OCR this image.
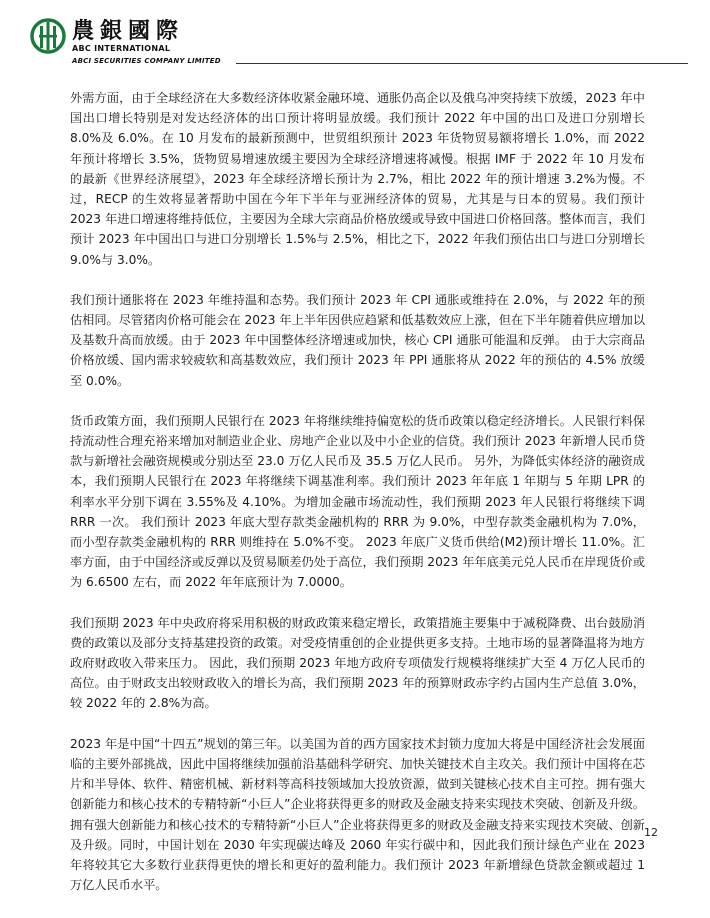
農銀國際
ABC INTERNATIONAL
ABCI SECURITIES COMPANY LIMITED

外需方面，由于全球经济在大多数经济体收紧金融环境、通胀仍高企以及俄乌冲突持续下放缓，2023 年中国出口增长特别是对发达经济体的出口预计将明显放缓。我们预计 2022 年中国的出口及进口分别增长 8.0%及 6.0%。在 10 月发布的最新预测中，世贸组织预计 2023 年货物贸易额将增长 1.0%，而 2022 年预计将增长 3.5%，货物贸易增速放缓主要因为全球经济增速将减慢。根据 IMF 于 2022 年 10 月发布的最新《世界经济展望》，2023 年全球经济增长预计为 2.7%，相比 2022 年的预计增速 3.2%为慢。不过，RECP 的生效将显著帮助中国在今年下半年与亚洲经济体的贸易，尤其是与日本的贸易。我们预计 2023 年进口增速将维持低位，主要因为全球大宗商品价格放缓或导致中国进口价格回落。整体而言，我们预计 2023 年中国出口与进口分别增长 1.5%与 2.5%，相比之下，2022 年我们预估出口与进口分别增长 9.0%与 3.0%。

我们预计通胀将在 2023 年维持温和态势。我们预计 2023 年 CPI 通胀或维持在 2.0%，与 2022 年的预估相同。尽管猪肉价格可能会在 2023 年上半年因供应趋紧和低基数效应上涨，但在下半年随着供应增加以及基数升高而放缓。由于 2023 年中国整体经济增速或加快，核心 CPI 通胀可能温和反弹。 由于大宗商品价格放缓、国内需求较疲软和高基数效应，我们预计 2023 年 PPI 通胀将从 2022 年的预估的 4.5% 放缓至 0.0%。

货币政策方面，我们预期人民银行在 2023 年将继续维持偏宽松的货币政策以稳定经济增长。人民银行料保持流动性合理充裕来增加对制造业企业、房地产企业以及中小企业的信贷。我们预计 2023 年新增人民币贷款与新增社会融资规模或分别达至 23.0 万亿人民币及 35.5 万亿人民币。 另外，为降低实体经济的融资成本，我们预期人民银行在 2023 年将继续下调基准利率。我们预计 2023 年年底 1 年期与 5 年期 LPR 的利率水平分别下调在 3.55%及 4.10%。为增加金融市场流动性，我们预期 2023 年人民银行将继续下调 RRR 一次。 我们预计 2023 年底大型存款类金融机构的 RRR 为 9.0%，中型存款类金融机构为 7.0%，而小型存款类金融机构的 RRR 则维持在 5.0%不变。 2023 年底广义货币供给(M2)预计增长 11.0%。汇率方面，由于中国经济或反弹以及贸易顺差仍处于高位，我们预期 2023 年年底美元兑人民币在岸现货价或为 6.6500 左右，而 2022 年年底预计为 7.0000。

我们预期 2023 年中央政府将采用积极的财政政策来稳定增长，政策措施主要集中于减税降费、出台鼓励消费的政策以及部分支持基建投资的政策。对受疫情重创的企业提供更多支持。土地市场的显著降温将为地方政府财政收入带来压力。 因此，我们预期 2023 年地方政府专项债发行规模将继续扩大至 4 万亿人民币的高位。由于财政支出较财政收入的增长为高，我们预期 2023 年的预算财政赤字约占国内生产总值 3.0%，较 2022 年的 2.8%为高。

2023 年是中国“十四五”规划的第三年。以美国为首的西方国家技术封锁力度加大将是中国经济社会发展面临的主要外部挑战，因此中国将继续加强前沿基础科学研究、加快关键技术自主攻关。我们预计中国将在芯片和半导体、软件、精密机械、新材料等高科技领域加大投放资源，做到关键核心技术自主可控。拥有强大创新能力和核心技术的专精特新“小巨人”企业将获得更多的财政及金融支持来实现技术突破、创新及升级。拥有强大创新能力和核心技术的专精特新“小巨人”企业将获得更多的财政及金融支持来实现技术突破、创新及升级。同时，中国计划在 2030 年实现碳达峰及 2060 年实行碳中和，因此我们预计绿色产业在 2023 年将较其它大多数行业获得更快的增长和更好的盈利能力。我们预计 2023 年新增绿色贷款金额或超过 1 万亿人民币水平。

12
